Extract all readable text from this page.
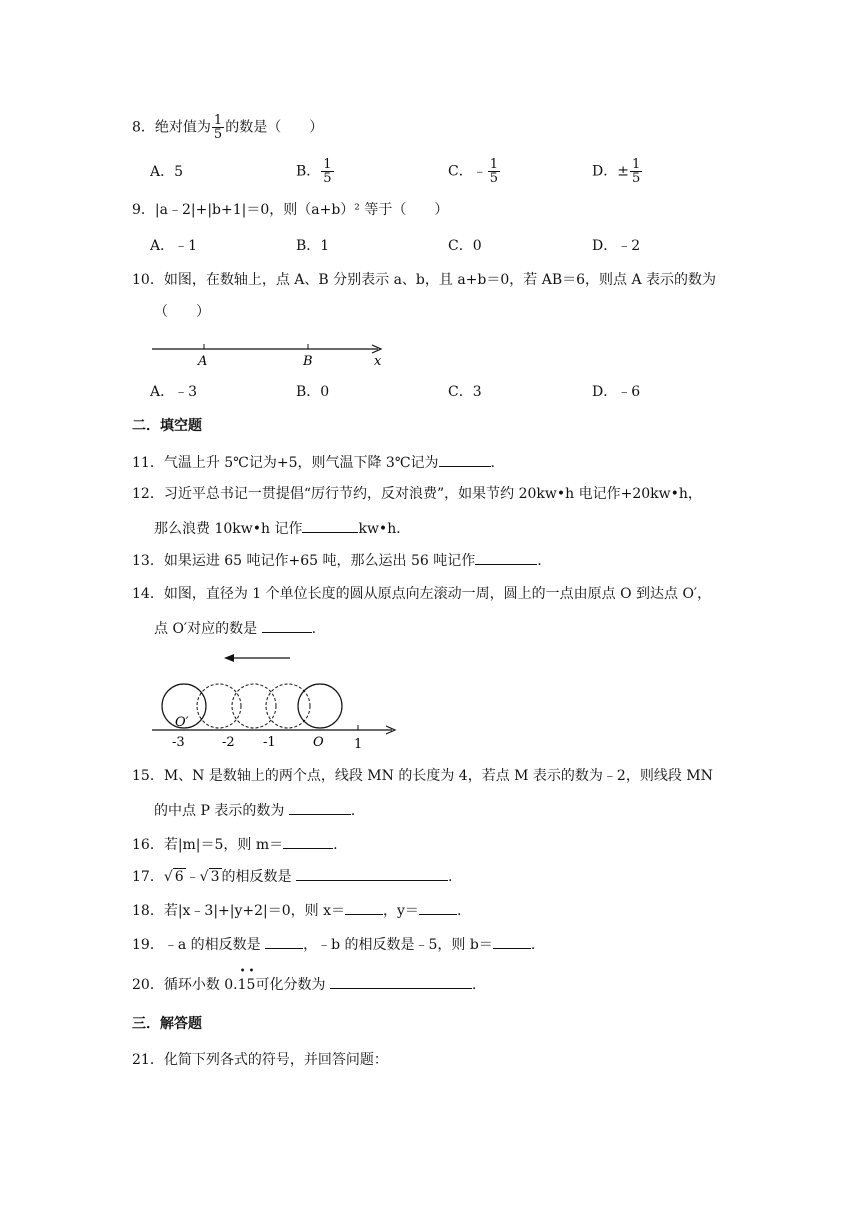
8．绝对值为 $\frac{1}{5}$ 的数是（　　）
A．5	B． $\frac{1}{5}$	C．﹣ $\frac{1}{5}$	D．± $\frac{1}{5}$
9．|a﹣2|+|b+1|＝0，则（a+b）² 等于（　　）
A．﹣1	B．1	C．0	D．﹣2
10．如图，在数轴上，点 A、B 分别表示 a、b，且 a+b＝0，若 AB＝6，则点 A 表示的数为
（　　）
A	B	x
A．﹣3	B．0	C．3	D．﹣6
二．填空题
11．气温上升 5℃记为+5，则气温下降 3℃记为	.
12．习近平总书记一贯提倡“厉行节约，反对浪费”，如果节约 20kw•h 电记作+20kw•h，
那么浪费 10kw•h 记作	kw•h．
13．如果运进 65 吨记作+65 吨，那么运出 56 吨记作	.
14．如图，直径为 1 个单位长度的圆从原点向左滚动一周，圆上的一点由原点 O 到达点 O′，
点 O′对应的数是	.
O′
-3	-2 -1	O 1
15．M、N 是数轴上的两个点，线段 MN 的长度为 4，若点 M 表示的数为﹣2，则线段 MN
的中点 P 表示的数为	.
16．若|m|＝5，则 m＝	.
17．√ 6 ﹣√ 3 的相反数是	.
18．若|x﹣3|+|y+2|＝0，则 x＝	，y＝	.
19．﹣a 的相反数是	，﹣b 的相反数是﹣5，则 b＝	.
20．循环小数 0.
•
1
•
5可化分数为	.
三．解答题
21．化简下列各式的符号，并回答问题：
